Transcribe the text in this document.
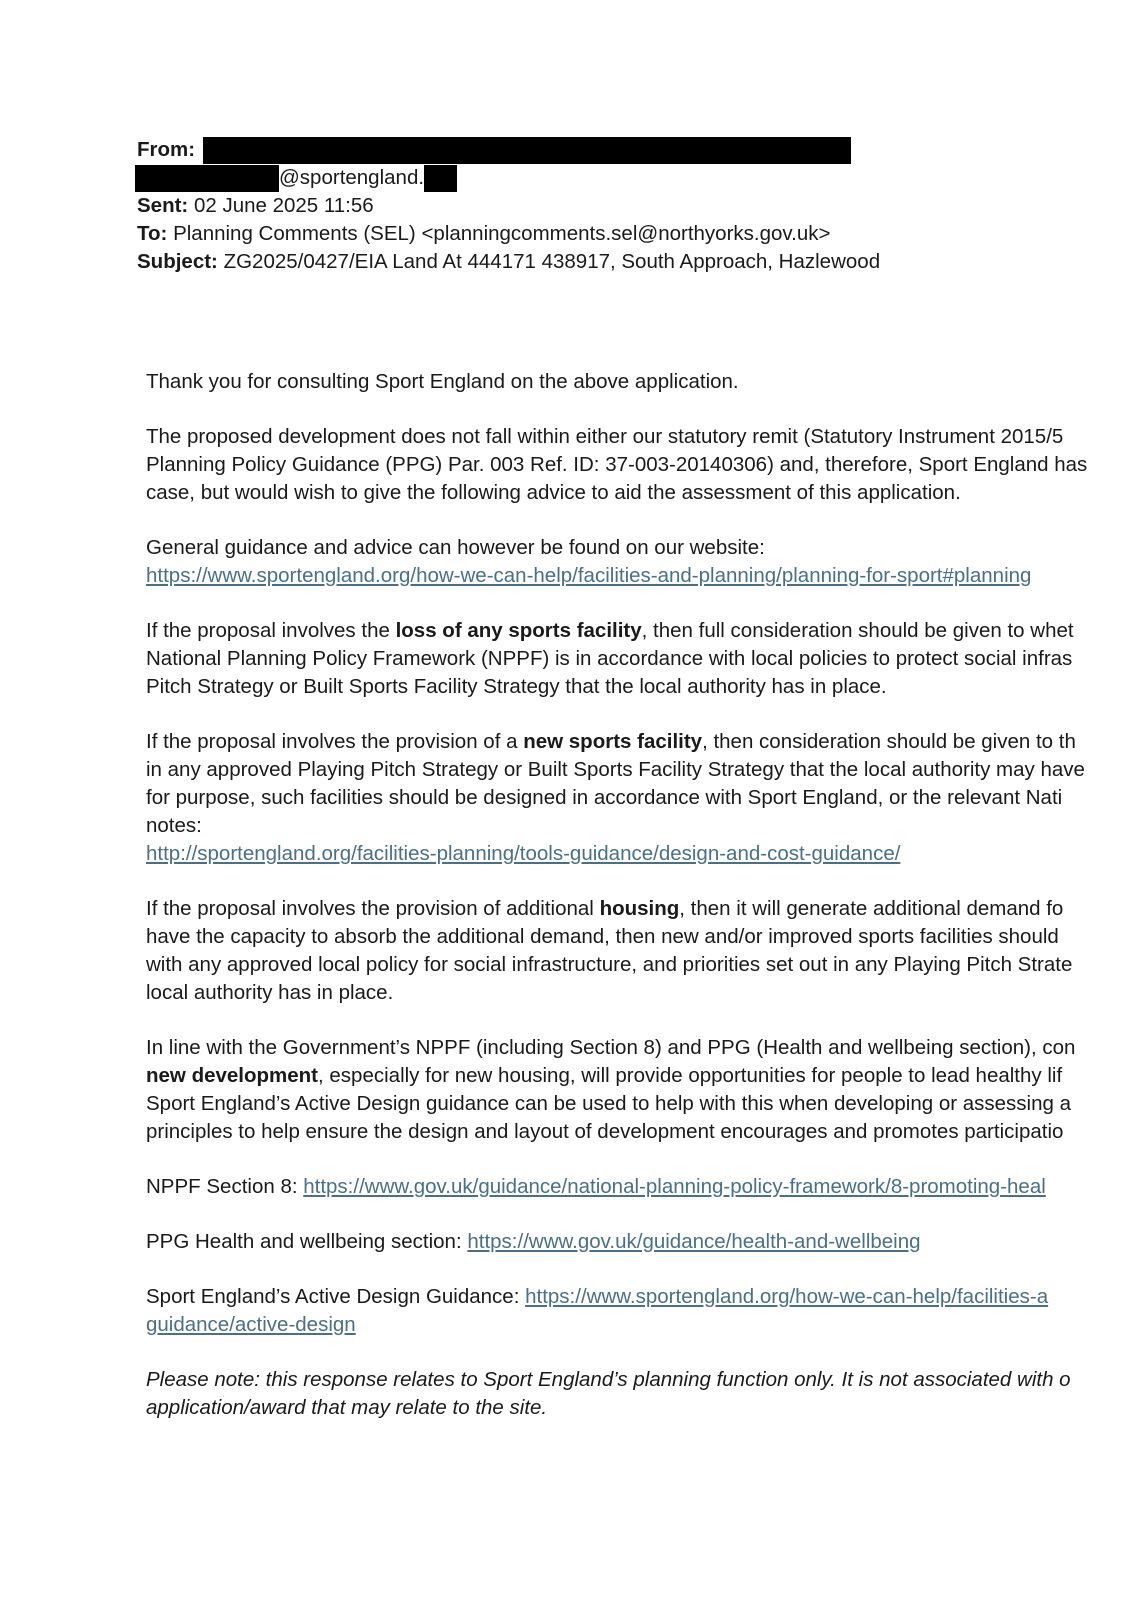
From:
@sportengland.
Sent: 02 June 2025 11:56
To: Planning Comments (SEL) <planningcomments.sel@northyorks.gov.uk>
Subject: ZG2025/0427/EIA Land At 444171 438917, South Approach, Hazlewood
Thank you for consulting Sport England on the above application.
The proposed development does not fall within either our statutory remit (Statutory Instrument 2015/5
Planning Policy Guidance (PPG) Par. 003 Ref. ID: 37-003-20140306) and, therefore, Sport England has
case, but would wish to give the following advice to aid the assessment of this application.
General guidance and advice can however be found on our website:
https://www.sportengland.org/how-we-can-help/facilities-and-planning/planning-for-sport#planning
If the proposal involves the loss of any sports facility, then full consideration should be given to whet
National Planning Policy Framework (NPPF) is in accordance with local policies to protect social infras
Pitch Strategy or Built Sports Facility Strategy that the local authority has in place.
If the proposal involves the provision of a new sports facility, then consideration should be given to th
in any approved Playing Pitch Strategy or Built Sports Facility Strategy that the local authority may have
for purpose, such facilities should be designed in accordance with Sport England, or the relevant Nati
notes:
http://sportengland.org/facilities-planning/tools-guidance/design-and-cost-guidance/
If the proposal involves the provision of additional housing, then it will generate additional demand fo
have the capacity to absorb the additional demand, then new and/or improved sports facilities should
with any approved local policy for social infrastructure, and priorities set out in any Playing Pitch Strate
local authority has in place.
In line with the Government’s NPPF (including Section 8) and PPG (Health and wellbeing section), con
new development, especially for new housing, will provide opportunities for people to lead healthy lif
Sport England’s Active Design guidance can be used to help with this when developing or assessing a
principles to help ensure the design and layout of development encourages and promotes participatio
NPPF Section 8: https://www.gov.uk/guidance/national-planning-policy-framework/8-promoting-heal
PPG Health and wellbeing section: https://www.gov.uk/guidance/health-and-wellbeing
Sport England’s Active Design Guidance: https://www.sportengland.org/how-we-can-help/facilities-a
guidance/active-design
Please note: this response relates to Sport England’s planning function only. It is not associated with o
application/award that may relate to the site.
